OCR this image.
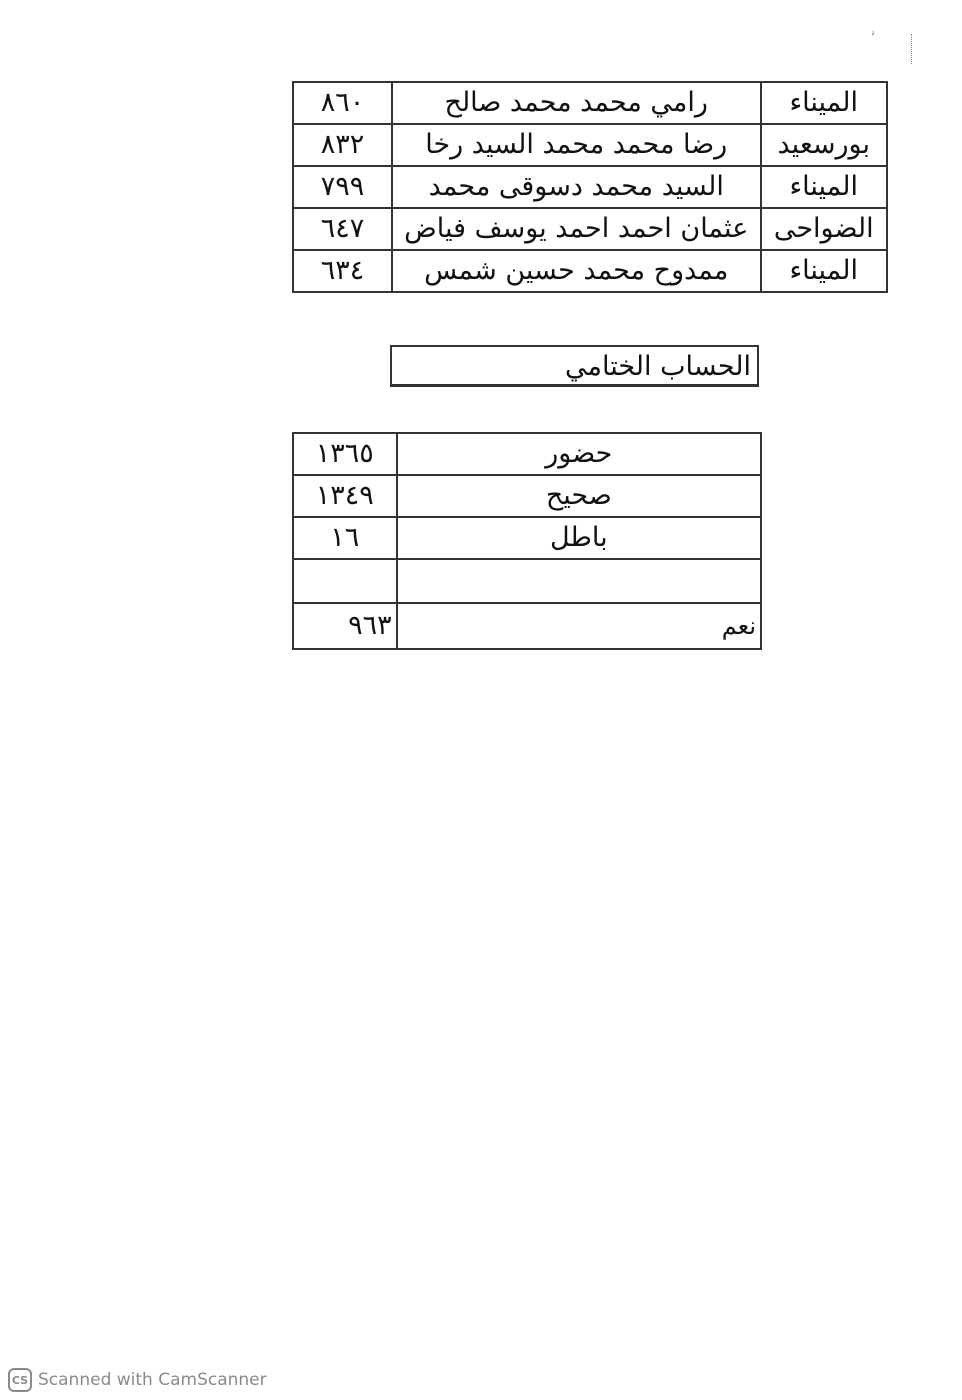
ﺗ
الميناء	رامي محمد محمد صالح	٨٦٠
بورسعيد	رضا محمد محمد السيد رخا	٨٣٢
الميناء	السيد محمد دسوقى محمد	٧٩٩
الضواحى	عثمان احمد احمد يوسف فياض	٦٤٧
الميناء	ممدوح محمد حسين شمس	٦٣٤
الحساب الختامي
حضور	١٣٦٥
صحيح	١٣٤٩
باطل	١٦

نعم	٩٦٣
CS Scanned with CamScanner
